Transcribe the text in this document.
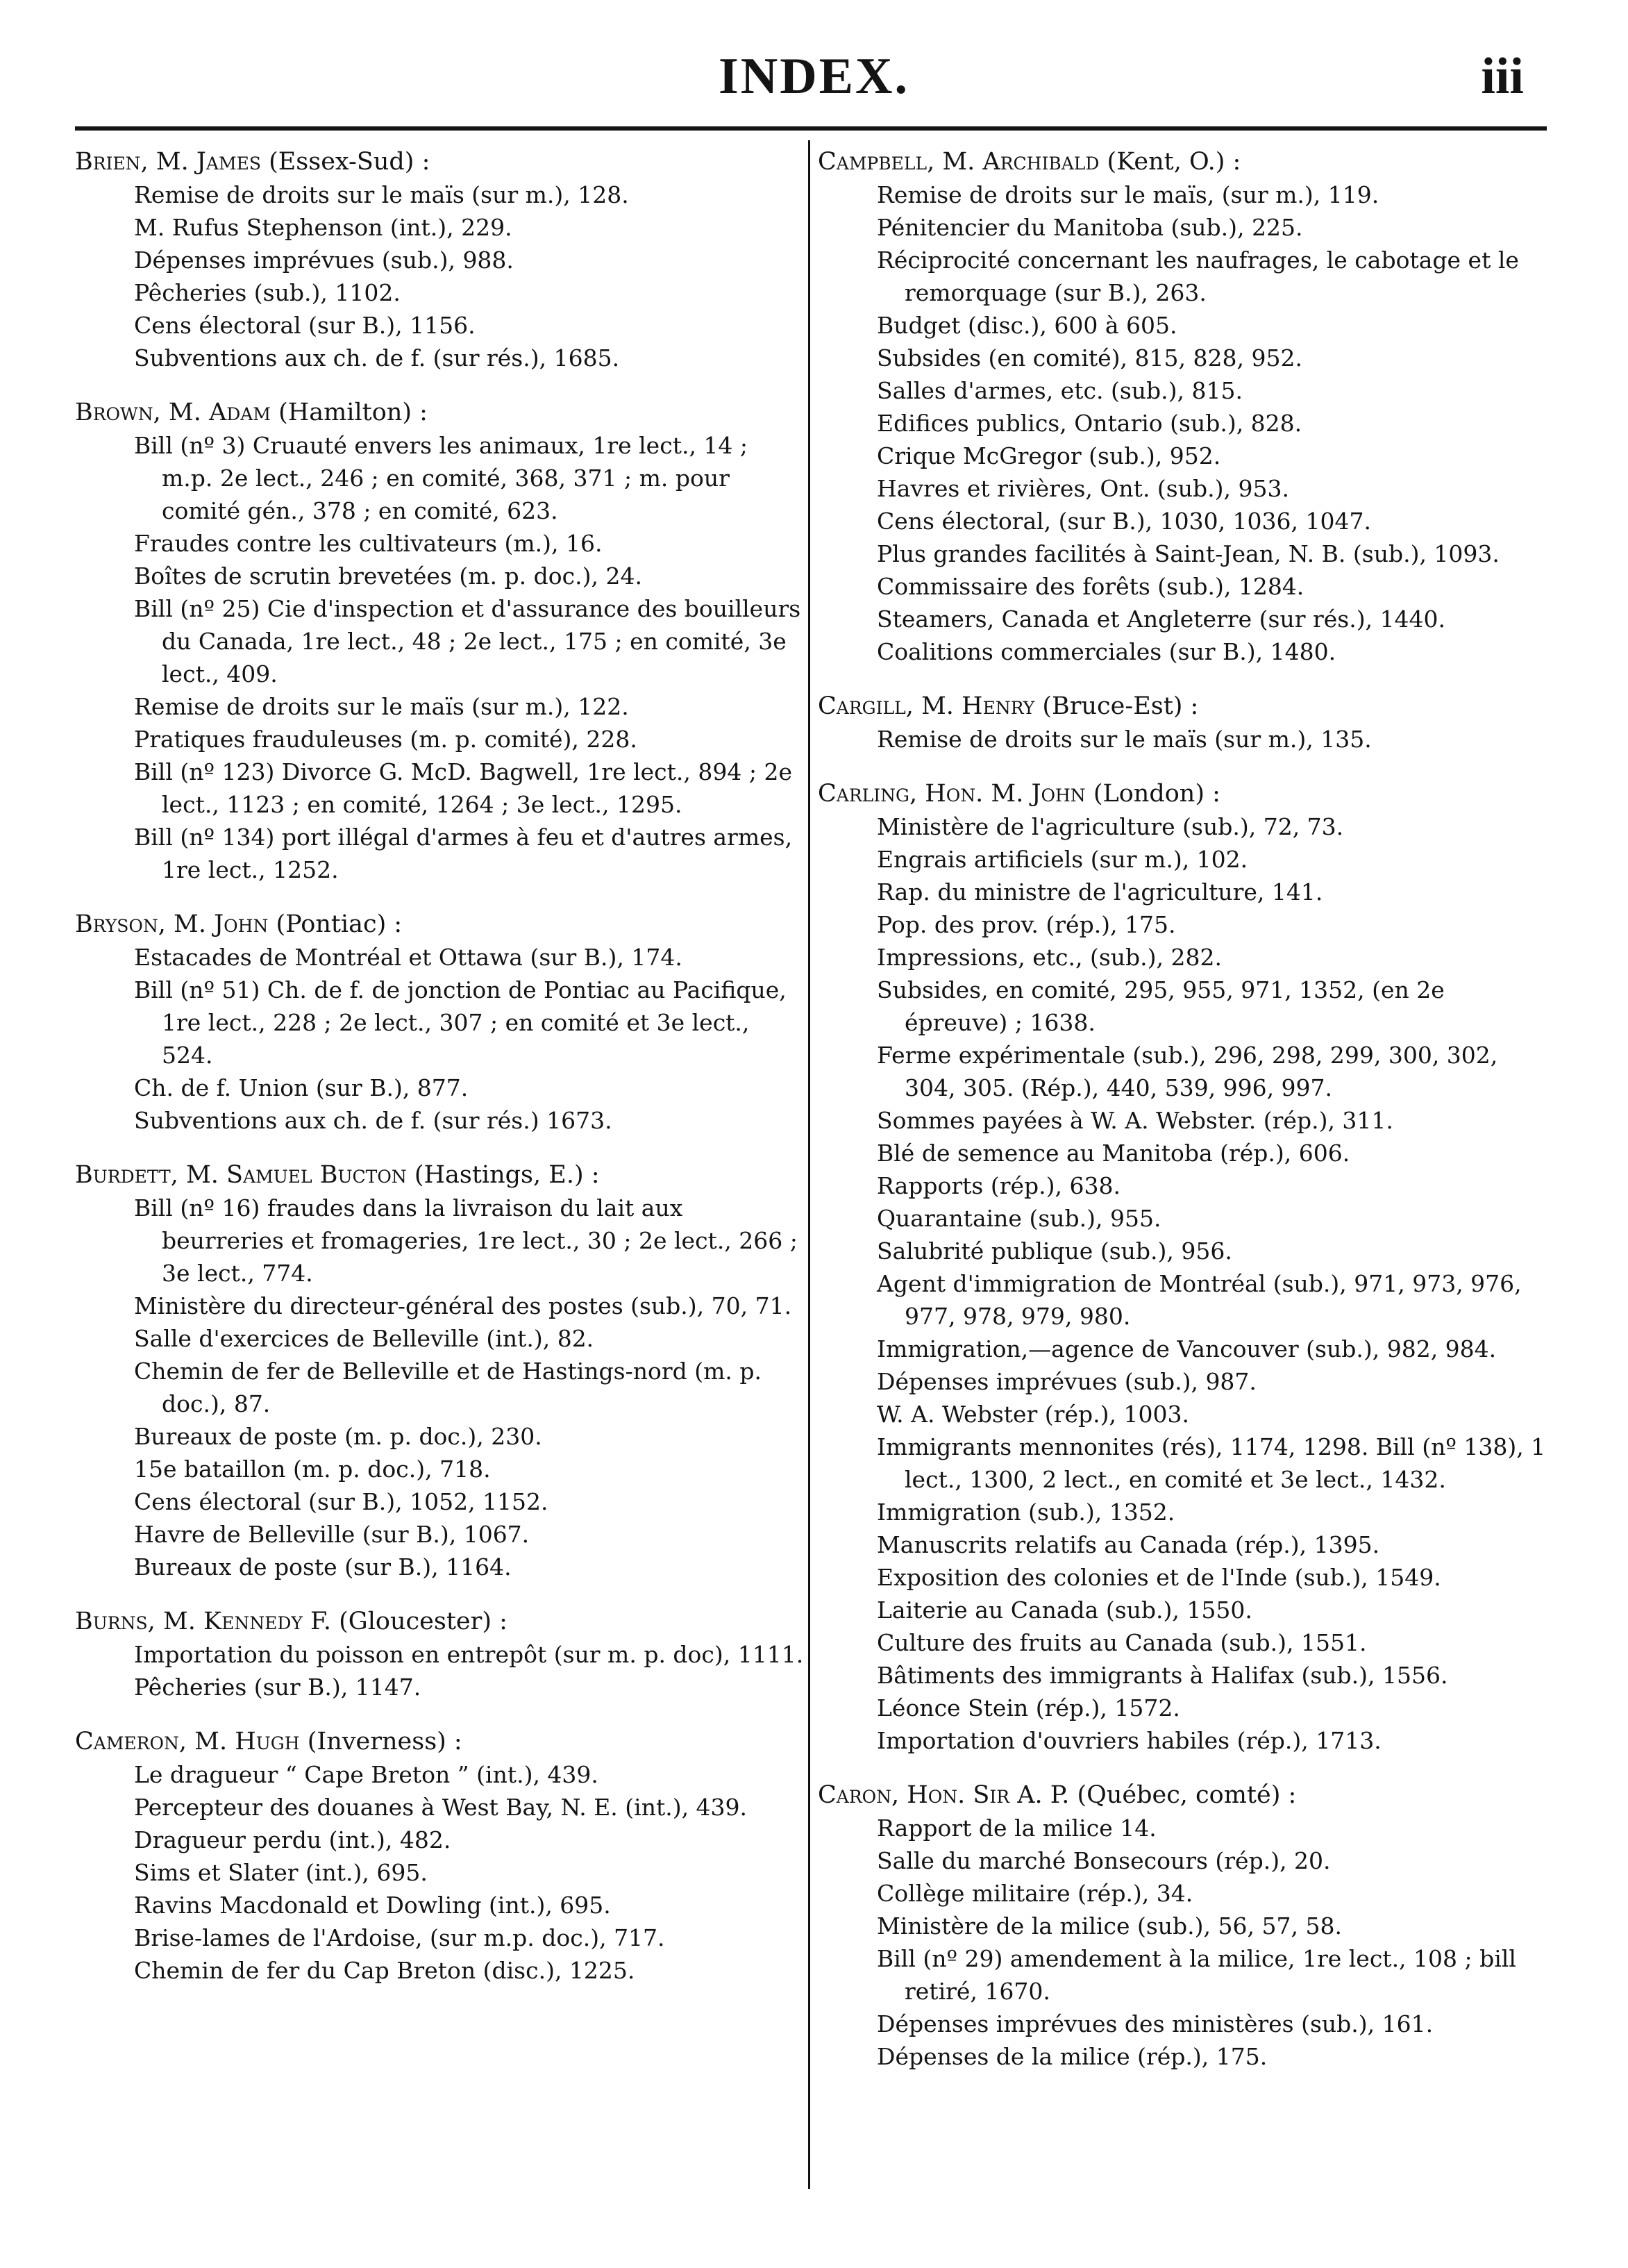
INDEX.	iii

Brien, M. James (Essex-Sud) :

Remise de droits sur le maïs (sur m.), 128.

M. Rufus Stephenson (int.), 229.

Dépenses imprévues (sub.), 988.

Pêcheries (sub.), 1102.

Cens électoral (sur B.), 1156.

Subventions aux ch. de f. (sur rés.), 1685.

Brown, M. Adam (Hamilton) :

Bill (nº 3) Cruauté envers les animaux, 1re lect., 14 ; m.p. 2e lect., 246 ; en comité, 368, 371 ; m. pour comité gén., 378 ; en comité, 623.

Fraudes contre les cultivateurs (m.), 16.

Boîtes de scrutin brevetées (m. p. doc.), 24.

Bill (nº 25) Cie d'inspection et d'assurance des bouilleurs du Canada, 1re lect., 48 ; 2e lect., 175 ; en comité, 3e lect., 409.

Remise de droits sur le maïs (sur m.), 122.

Pratiques frauduleuses (m. p. comité), 228.

Bill (nº 123) Divorce G. McD. Bagwell, 1re lect., 894 ; 2e lect., 1123 ; en comité, 1264 ; 3e lect., 1295.

Bill (nº 134) port illégal d'armes à feu et d'autres armes, 1re lect., 1252.

Bryson, M. John (Pontiac) :

Estacades de Montréal et Ottawa (sur B.), 174.

Bill (nº 51) Ch. de f. de jonction de Pontiac au Pacifique, 1re lect., 228 ; 2e lect., 307 ; en comité et 3e lect., 524.

Ch. de f. Union (sur B.), 877.

Subventions aux ch. de f. (sur rés.) 1673.

Burdett, M. Samuel Bucton (Hastings, E.) :

Bill (nº 16) fraudes dans la livraison du lait aux beurreries et fromageries, 1re lect., 30 ; 2e lect., 266 ; 3e lect., 774.

Ministère du directeur-général des postes (sub.), 70, 71.

Salle d'exercices de Belleville (int.), 82.

Chemin de fer de Belleville et de Hastings-nord (m. p. doc.), 87.

Bureaux de poste (m. p. doc.), 230.

15e bataillon (m. p. doc.), 718.

Cens électoral (sur B.), 1052, 1152.

Havre de Belleville (sur B.), 1067.

Bureaux de poste (sur B.), 1164.

Burns, M. Kennedy F. (Gloucester) :

Importation du poisson en entrepôt (sur m. p. doc), 1111.

Pêcheries (sur B.), 1147.

Cameron, M. Hugh (Inverness) :

Le dragueur “ Cape Breton ” (int.), 439.

Percepteur des douanes à West Bay, N. E. (int.), 439.

Dragueur perdu (int.), 482.

Sims et Slater (int.), 695.

Ravins Macdonald et Dowling (int.), 695.

Brise-lames de l'Ardoise, (sur m.p. doc.), 717.

Chemin de fer du Cap Breton (disc.), 1225.

Campbell, M. Archibald (Kent, O.) :

Remise de droits sur le maïs, (sur m.), 119.

Pénitencier du Manitoba (sub.), 225.

Réciprocité concernant les naufrages, le cabotage et le remorquage (sur B.), 263.

Budget (disc.), 600 à 605.

Subsides (en comité), 815, 828, 952.

Salles d'armes, etc. (sub.), 815.

Edifices publics, Ontario (sub.), 828.

Crique McGregor (sub.), 952.

Havres et rivières, Ont. (sub.), 953.

Cens électoral, (sur B.), 1030, 1036, 1047.

Plus grandes facilités à Saint-Jean, N. B. (sub.), 1093.

Commissaire des forêts (sub.), 1284.

Steamers, Canada et Angleterre (sur rés.), 1440.

Coalitions commerciales (sur B.), 1480.

Cargill, M. Henry (Bruce-Est) :

Remise de droits sur le maïs (sur m.), 135.

Carling, Hon. M. John (London) :

Ministère de l'agriculture (sub.), 72, 73.

Engrais artificiels (sur m.), 102.

Rap. du ministre de l'agriculture, 141.

Pop. des prov. (rép.), 175.

Impressions, etc., (sub.), 282.

Subsides, en comité, 295, 955, 971, 1352, (en 2e épreuve) ; 1638.

Ferme expérimentale (sub.), 296, 298, 299, 300, 302, 304, 305. (Rép.), 440, 539, 996, 997.

Sommes payées à W. A. Webster. (rép.), 311.

Blé de semence au Manitoba (rép.), 606.

Rapports (rép.), 638.

Quarantaine (sub.), 955.

Salubrité publique (sub.), 956.

Agent d'immigration de Montréal (sub.), 971, 973, 976, 977, 978, 979, 980.

Immigration,—agence de Vancouver (sub.), 982, 984.

Dépenses imprévues (sub.), 987.

W. A. Webster (rép.), 1003.

Immigrants mennonites (rés), 1174, 1298. Bill (nº 138), 1 lect., 1300, 2 lect., en comité et 3e lect., 1432.

Immigration (sub.), 1352.

Manuscrits relatifs au Canada (rép.), 1395.

Exposition des colonies et de l'Inde (sub.), 1549.

Laiterie au Canada (sub.), 1550.

Culture des fruits au Canada (sub.), 1551.

Bâtiments des immigrants à Halifax (sub.), 1556.

Léonce Stein (rép.), 1572.

Importation d'ouvriers habiles (rép.), 1713.

Caron, Hon. Sir A. P. (Québec, comté) :

Rapport de la milice 14.

Salle du marché Bonsecours (rép.), 20.

Collège militaire (rép.), 34.

Ministère de la milice (sub.), 56, 57, 58.

Bill (nº 29) amendement à la milice, 1re lect., 108 ; bill retiré, 1670.

Dépenses imprévues des ministères (sub.), 161.

Dépenses de la milice (rép.), 175.
